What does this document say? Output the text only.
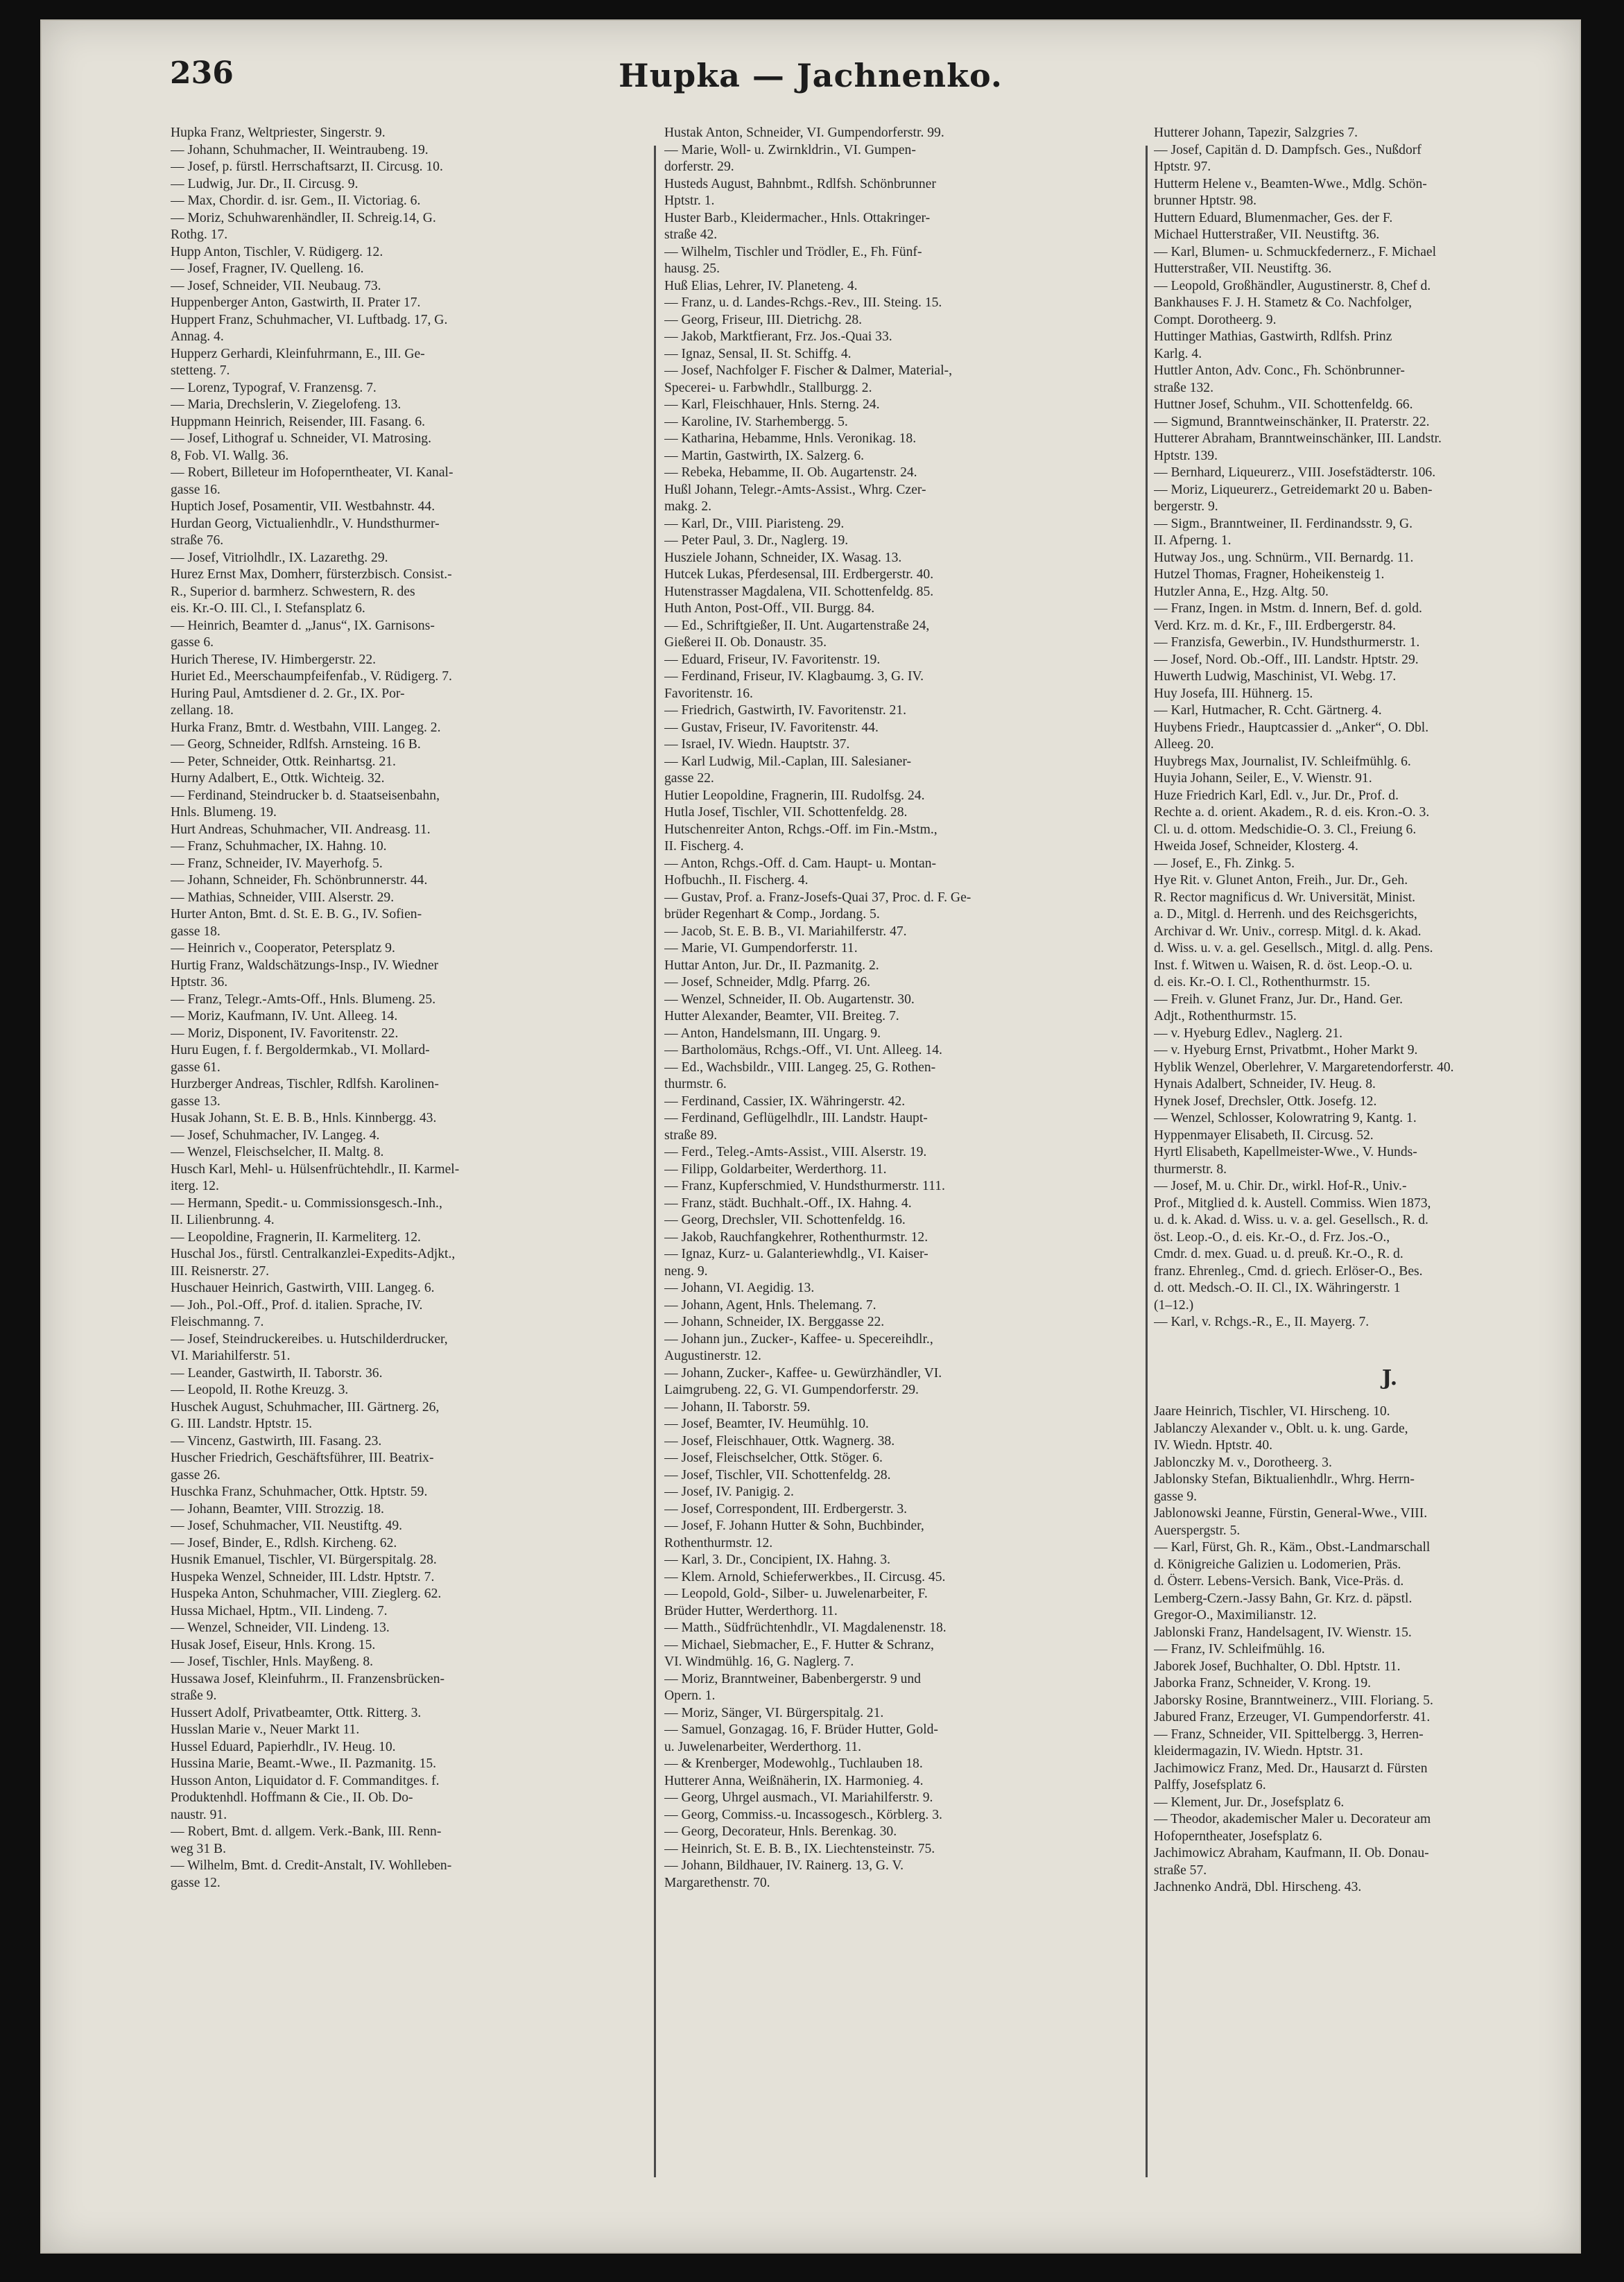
236	Hupka — Jachnenko.
Hupka Franz, Weltpriester, Singerstr. 9.
— Johann, Schuhmacher, II. Weintraubeng. 19.
— Josef, p. fürstl. Herrschaftsarzt, II. Circusg. 10.
— Ludwig, Jur. Dr., II. Circusg. 9.
— Max, Chordir. d. isr. Gem., II. Victoriag. 6.
— Moriz, Schuhwarenhändler, II. Schreig.14, G.
Rothg. 17.
Hupp Anton, Tischler, V. Rüdigerg. 12.
— Josef, Fragner, IV. Quelleng. 16.
— Josef, Schneider, VII. Neubaug. 73.
Huppenberger Anton, Gastwirth, II. Prater 17.
Huppert Franz, Schuhmacher, VI. Luftbadg. 17, G.
Annag. 4.
Hupperz Gerhardi, Kleinfuhrmann, E., III. Ge-
stetteng. 7.
— Lorenz, Typograf, V. Franzensg. 7.
— Maria, Drechslerin, V. Ziegelofeng. 13.
Huppmann Heinrich, Reisender, III. Fasang. 6.
— Josef, Lithograf u. Schneider, VI. Matrosing.
8, Fob. VI. Wallg. 36.
— Robert, Billeteur im Hofoperntheater, VI. Kanal-
gasse 16.
Huptich Josef, Posamentir, VII. Westbahnstr. 44.
Hurdan Georg, Victualienhdlr., V. Hundsthurmer-
straße 76.
— Josef, Vitriolhdlr., IX. Lazarethg. 29.
Hurez Ernst Max, Domherr, fürsterzbisch. Consist.-
R., Superior d. barmherz. Schwestern, R. des
eis. Kr.-O. III. Cl., I. Stefansplatz 6.
— Heinrich, Beamter d. „Janus“, IX. Garnisons-
gasse 6.
Hurich Therese, IV. Himbergerstr. 22.
Huriet Ed., Meerschaumpfeifenfab., V. Rüdigerg. 7.
Huring Paul, Amtsdiener d. 2. Gr., IX. Por-
zellang. 18.
Hurka Franz, Bmtr. d. Westbahn, VIII. Langeg. 2.
— Georg, Schneider, Rdlfsh. Arnsteing. 16 B.
— Peter, Schneider, Ottk. Reinhartsg. 21.
Hurny Adalbert, E., Ottk. Wichteig. 32.
— Ferdinand, Steindrucker b. d. Staatseisenbahn,
Hnls. Blumeng. 19.
Hurt Andreas, Schuhmacher, VII. Andreasg. 11.
— Franz, Schuhmacher, IX. Hahng. 10.
— Franz, Schneider, IV. Mayerhofg. 5.
— Johann, Schneider, Fh. Schönbrunnerstr. 44.
— Mathias, Schneider, VIII. Alserstr. 29.
Hurter Anton, Bmt. d. St. E. B. G., IV. Sofien-
gasse 18.
— Heinrich v., Cooperator, Petersplatz 9.
Hurtig Franz, Waldschätzungs-Insp., IV. Wiedner
Hptstr. 36.
— Franz, Telegr.-Amts-Off., Hnls. Blumeng. 25.
— Moriz, Kaufmann, IV. Unt. Alleeg. 14.
— Moriz, Disponent, IV. Favoritenstr. 22.
Huru Eugen, f. f. Bergoldermkab., VI. Mollard-
gasse 61.
Hurzberger Andreas, Tischler, Rdlfsh. Karolinen-
gasse 13.
Husak Johann, St. E. B. B., Hnls. Kinnbergg. 43.
— Josef, Schuhmacher, IV. Langeg. 4.
— Wenzel, Fleischselcher, II. Maltg. 8.
Husch Karl, Mehl- u. Hülsenfrüchtehdlr., II. Karmel-
iterg. 12.
— Hermann, Spedit.- u. Commissionsgesch.-Inh.,
II. Lilienbrunng. 4.
— Leopoldine, Fragnerin, II. Karmeliterg. 12.
Huschal Jos., fürstl. Centralkanzlei-Expedits-Adjkt.,
III. Reisnerstr. 27.
Huschauer Heinrich, Gastwirth, VIII. Langeg. 6.
— Joh., Pol.-Off., Prof. d. italien. Sprache, IV.
Fleischmanng. 7.
— Josef, Steindruckereibes. u. Hutschilderdrucker,
VI. Mariahilferstr. 51.
— Leander, Gastwirth, II. Taborstr. 36.
— Leopold, II. Rothe Kreuzg. 3.
Huschek August, Schuhmacher, III. Gärtnerg. 26,
G. III. Landstr. Hptstr. 15.
— Vincenz, Gastwirth, III. Fasang. 23.
Huscher Friedrich, Geschäftsführer, III. Beatrix-
gasse 26.
Huschka Franz, Schuhmacher, Ottk. Hptstr. 59.
— Johann, Beamter, VIII. Strozzig. 18.
— Josef, Schuhmacher, VII. Neustiftg. 49.
— Josef, Binder, E., Rdlsh. Kircheng. 62.
Husnik Emanuel, Tischler, VI. Bürgerspitalg. 28.
Huspeka Wenzel, Schneider, III. Ldstr. Hptstr. 7.
Huspeka Anton, Schuhmacher, VIII. Zieglerg. 62.
Hussa Michael, Hptm., VII. Lindeng. 7.
— Wenzel, Schneider, VII. Lindeng. 13.
Husak Josef, Eiseur, Hnls. Krong. 15.
— Josef, Tischler, Hnls. Mayßeng. 8.
Hussawa Josef, Kleinfuhrm., II. Franzensbrücken-
straße 9.
Hussert Adolf, Privatbeamter, Ottk. Ritterg. 3.
Husslan Marie v., Neuer Markt 11.
Hussel Eduard, Papierhdlr., IV. Heug. 10.
Hussina Marie, Beamt.-Wwe., II. Pazmanitg. 15.
Husson Anton, Liquidator d. F. Commanditges. f.
Produktenhdl. Hoffmann & Cie., II. Ob. Do-
naustr. 91.
— Robert, Bmt. d. allgem. Verk.-Bank, III. Renn-
weg 31 B.
— Wilhelm, Bmt. d. Credit-Anstalt, IV. Wohlleben-
gasse 12.
Hustak Anton, Schneider, VI. Gumpendorferstr. 99.
— Marie, Woll- u. Zwirnkldrin., VI. Gumpen-
dorferstr. 29.
Husteds August, Bahnbmt., Rdlfsh. Schönbrunner
Hptstr. 1.
Huster Barb., Kleidermacher., Hnls. Ottakringer-
straße 42.
— Wilhelm, Tischler und Trödler, E., Fh. Fünf-
hausg. 25.
Huß Elias, Lehrer, IV. Planeteng. 4.
— Franz, u. d. Landes-Rchgs.-Rev., III. Steing. 15.
— Georg, Friseur, III. Dietrichg. 28.
— Jakob, Marktfierant, Frz. Jos.-Quai 33.
— Ignaz, Sensal, II. St. Schiffg. 4.
— Josef, Nachfolger F. Fischer & Dalmer, Material-,
Specerei- u. Farbwhdlr., Stallburgg. 2.
— Karl, Fleischhauer, Hnls. Sterng. 24.
— Karoline, IV. Starhembergg. 5.
— Katharina, Hebamme, Hnls. Veronikag. 18.
— Martin, Gastwirth, IX. Salzerg. 6.
— Rebeka, Hebamme, II. Ob. Augartenstr. 24.
Hußl Johann, Telegr.-Amts-Assist., Whrg. Czer-
makg. 2.
— Karl, Dr., VIII. Piaristeng. 29.
— Peter Paul, 3. Dr., Naglerg. 19.
Husziele Johann, Schneider, IX. Wasag. 13.
Hutcek Lukas, Pferdesensal, III. Erdbergerstr. 40.
Hutenstrasser Magdalena, VII. Schottenfeldg. 85.
Huth Anton, Post-Off., VII. Burgg. 84.
— Ed., Schriftgießer, II. Unt. Augartenstraße 24,
Gießerei II. Ob. Donaustr. 35.
— Eduard, Friseur, IV. Favoritenstr. 19.
— Ferdinand, Friseur, IV. Klagbaumg. 3, G. IV.
Favoritenstr. 16.
— Friedrich, Gastwirth, IV. Favoritenstr. 21.
— Gustav, Friseur, IV. Favoritenstr. 44.
— Israel, IV. Wiedn. Hauptstr. 37.
— Karl Ludwig, Mil.-Caplan, III. Salesianer-
gasse 22.
Hutier Leopoldine, Fragnerin, III. Rudolfsg. 24.
Hutla Josef, Tischler, VII. Schottenfeldg. 28.
Hutschenreiter Anton, Rchgs.-Off. im Fin.-Mstm.,
II. Fischerg. 4.
— Anton, Rchgs.-Off. d. Cam. Haupt- u. Montan-
Hofbuchh., II. Fischerg. 4.
— Gustav, Prof. a. Franz-Josefs-Quai 37, Proc. d. F. Ge-
brüder Regenhart & Comp., Jordang. 5.
— Jacob, St. E. B. B., VI. Mariahilferstr. 47.
— Marie, VI. Gumpendorferstr. 11.
Huttar Anton, Jur. Dr., II. Pazmanitg. 2.
— Josef, Schneider, Mdlg. Pfarrg. 26.
— Wenzel, Schneider, II. Ob. Augartenstr. 30.
Hutter Alexander, Beamter, VII. Breiteg. 7.
— Anton, Handelsmann, III. Ungarg. 9.
— Bartholomäus, Rchgs.-Off., VI. Unt. Alleeg. 14.
— Ed., Wachsbildr., VIII. Langeg. 25, G. Rothen-
thurmstr. 6.
— Ferdinand, Cassier, IX. Währingerstr. 42.
— Ferdinand, Geflügelhdlr., III. Landstr. Haupt-
straße 89.
— Ferd., Teleg.-Amts-Assist., VIII. Alserstr. 19.
— Filipp, Goldarbeiter, Werderthorg. 11.
— Franz, Kupferschmied, V. Hundsthurmerstr. 111.
— Franz, städt. Buchhalt.-Off., IX. Hahng. 4.
— Georg, Drechsler, VII. Schottenfeldg. 16.
— Jakob, Rauchfangkehrer, Rothenthurmstr. 12.
— Ignaz, Kurz- u. Galanteriewhdlg., VI. Kaiser-
neng. 9.
— Johann, VI. Aegidig. 13.
— Johann, Agent, Hnls. Thelemang. 7.
— Johann, Schneider, IX. Berggasse 22.
— Johann jun., Zucker-, Kaffee- u. Specereihdlr.,
Augustinerstr. 12.
— Johann, Zucker-, Kaffee- u. Gewürzhändler, VI.
Laimgrubeng. 22, G. VI. Gumpendorferstr. 29.
— Johann, II. Taborstr. 59.
— Josef, Beamter, IV. Heumühlg. 10.
— Josef, Fleischhauer, Ottk. Wagnerg. 38.
— Josef, Fleischselcher, Ottk. Stöger. 6.
— Josef, Tischler, VII. Schottenfeldg. 28.
— Josef, IV. Panigig. 2.
— Josef, Correspondent, III. Erdbergerstr. 3.
— Josef, F. Johann Hutter & Sohn, Buchbinder,
Rothenthurmstr. 12.
— Karl, 3. Dr., Concipient, IX. Hahng. 3.
— Klem. Arnold, Schieferwerkbes., II. Circusg. 45.
— Leopold, Gold-, Silber- u. Juwelenarbeiter, F.
Brüder Hutter, Werderthorg. 11.
— Matth., Südfrüchtenhdlr., VI. Magdalenenstr. 18.
— Michael, Siebmacher, E., F. Hutter & Schranz,
VI. Windmühlg. 16, G. Naglerg. 7.
— Moriz, Branntweiner, Babenbergerstr. 9 und
Opern. 1.
— Moriz, Sänger, VI. Bürgerspitalg. 21.
— Samuel, Gonzagag. 16, F. Brüder Hutter, Gold-
u. Juwelenarbeiter, Werderthorg. 11.
— & Krenberger, Modewohlg., Tuchlauben 18.
Hutterer Anna, Weißnäherin, IX. Harmonieg. 4.
— Georg, Uhrgel ausmach., VI. Mariahilferstr. 9.
— Georg, Commiss.-u. Incassogesch., Körblerg. 3.
— Georg, Decorateur, Hnls. Berenkag. 30.
— Heinrich, St. E. B. B., IX. Liechtensteinstr. 75.
— Johann, Bildhauer, IV. Rainerg. 13, G. V.
Margarethenstr. 70.
Hutterer Johann, Tapezir, Salzgries 7.
— Josef, Capitän d. D. Dampfsch. Ges., Nußdorf
Hptstr. 97.
Hutterm Helene v., Beamten-Wwe., Mdlg. Schön-
brunner Hptstr. 98.
Huttern Eduard, Blumenmacher, Ges. der F.
Michael Hutterstraßer, VII. Neustiftg. 36.
— Karl, Blumen- u. Schmuckfedernerz., F. Michael
Hutterstraßer, VII. Neustiftg. 36.
— Leopold, Großhändler, Augustinerstr. 8, Chef d.
Bankhauses F. J. H. Stametz & Co. Nachfolger,
Compt. Dorotheerg. 9.
Huttinger Mathias, Gastwirth, Rdlfsh. Prinz
Karlg. 4.
Huttler Anton, Adv. Conc., Fh. Schönbrunner-
straße 132.
Huttner Josef, Schuhm., VII. Schottenfeldg. 66.
— Sigmund, Branntweinschänker, II. Praterstr. 22.
Hutterer Abraham, Branntweinschänker, III. Landstr.
Hptstr. 139.
— Bernhard, Liqueurerz., VIII. Josefstädterstr. 106.
— Moriz, Liqueurerz., Getreidemarkt 20 u. Baben-
bergerstr. 9.
— Sigm., Branntweiner, II. Ferdinandsstr. 9, G.
II. Afperng. 1.
Hutway Jos., ung. Schnürm., VII. Bernardg. 11.
Hutzel Thomas, Fragner, Hoheikensteig 1.
Hutzler Anna, E., Hzg. Altg. 50.
— Franz, Ingen. in Mstm. d. Innern, Bef. d. gold.
Verd. Krz. m. d. Kr., F., III. Erdbergerstr. 84.
— Franzisfa, Gewerbin., IV. Hundsthurmerstr. 1.
— Josef, Nord. Ob.-Off., III. Landstr. Hptstr. 29.
Huwerth Ludwig, Maschinist, VI. Webg. 17.
Huy Josefa, III. Hühnerg. 15.
— Karl, Hutmacher, R. Ccht. Gärtnerg. 4.
Huybens Friedr., Hauptcassier d. „Anker“, O. Dbl.
Alleeg. 20.
Huybregs Max, Journalist, IV. Schleifmühlg. 6.
Huyia Johann, Seiler, E., V. Wienstr. 91.
Huze Friedrich Karl, Edl. v., Jur. Dr., Prof. d.
Rechte a. d. orient. Akadem., R. d. eis. Kron.-O. 3.
Cl. u. d. ottom. Medschidie-O. 3. Cl., Freiung 6.
Hweida Josef, Schneider, Klosterg. 4.
— Josef, E., Fh. Zinkg. 5.
Hye Rit. v. Glunet Anton, Freih., Jur. Dr., Geh.
R. Rector magnificus d. Wr. Universität, Minist.
a. D., Mitgl. d. Herrenh. und des Reichsgerichts,
Archivar d. Wr. Univ., corresp. Mitgl. d. k. Akad.
d. Wiss. u. v. a. gel. Gesellsch., Mitgl. d. allg. Pens.
Inst. f. Witwen u. Waisen, R. d. öst. Leop.-O. u.
d. eis. Kr.-O. I. Cl., Rothenthurmstr. 15.
— Freih. v. Glunet Franz, Jur. Dr., Hand. Ger.
Adjt., Rothenthurmstr. 15.
— v. Hyeburg Edlev., Naglerg. 21.
— v. Hyeburg Ernst, Privatbmt., Hoher Markt 9.
Hyblik Wenzel, Oberlehrer, V. Margaretendorferstr. 40.
Hynais Adalbert, Schneider, IV. Heug. 8.
Hynek Josef, Drechsler, Ottk. Josefg. 12.
— Wenzel, Schlosser, Kolowratring 9, Kantg. 1.
Hyppenmayer Elisabeth, II. Circusg. 52.
Hyrtl Elisabeth, Kapellmeister-Wwe., V. Hunds-
thurmerstr. 8.
— Josef, M. u. Chir. Dr., wirkl. Hof-R., Univ.-
Prof., Mitglied d. k. Austell. Commiss. Wien 1873,
u. d. k. Akad. d. Wiss. u. v. a. gel. Gesellsch., R. d.
öst. Leop.-O., d. eis. Kr.-O., d. Frz. Jos.-O.,
Cmdr. d. mex. Guad. u. d. preuß. Kr.-O., R. d.
franz. Ehrenleg., Cmd. d. griech. Erlöser-O., Bes.
d. ott. Medsch.-O. II. Cl., IX. Währingerstr. 1
(1–12.)
— Karl, v. Rchgs.-R., E., II. Mayerg. 7.
J.
Jaare Heinrich, Tischler, VI. Hirscheng. 10.
Jablanczy Alexander v., Oblt. u. k. ung. Garde,
IV. Wiedn. Hptstr. 40.
Jablonczky M. v., Dorotheerg. 3.
Jablonsky Stefan, Biktualienhdlr., Whrg. Herrn-
gasse 9.
Jablonowski Jeanne, Fürstin, General-Wwe., VIII.
Auerspergstr. 5.
— Karl, Fürst, Gh. R., Käm., Obst.-Landmarschall
d. Königreiche Galizien u. Lodomerien, Präs.
d. Österr. Lebens-Versich. Bank, Vice-Präs. d.
Lemberg-Czern.-Jassy Bahn, Gr. Krz. d. päpstl.
Gregor-O., Maximilianstr. 12.
Jablonski Franz, Handelsagent, IV. Wienstr. 15.
— Franz, IV. Schleifmühlg. 16.
Jaborek Josef, Buchhalter, O. Dbl. Hptstr. 11.
Jaborka Franz, Schneider, V. Krong. 19.
Jaborsky Rosine, Branntweinerz., VIII. Floriang. 5.
Jabured Franz, Erzeuger, VI. Gumpendorferstr. 41.
— Franz, Schneider, VII. Spittelbergg. 3, Herren-
kleidermagazin, IV. Wiedn. Hptstr. 31.
Jachimowicz Franz, Med. Dr., Hausarzt d. Fürsten
Palffy, Josefsplatz 6.
— Klement, Jur. Dr., Josefsplatz 6.
— Theodor, akademischer Maler u. Decorateur am
Hofoperntheater, Josefsplatz 6.
Jachimowicz Abraham, Kaufmann, II. Ob. Donau-
straße 57.
Jachnenko Andrä, Dbl. Hirscheng. 43.
